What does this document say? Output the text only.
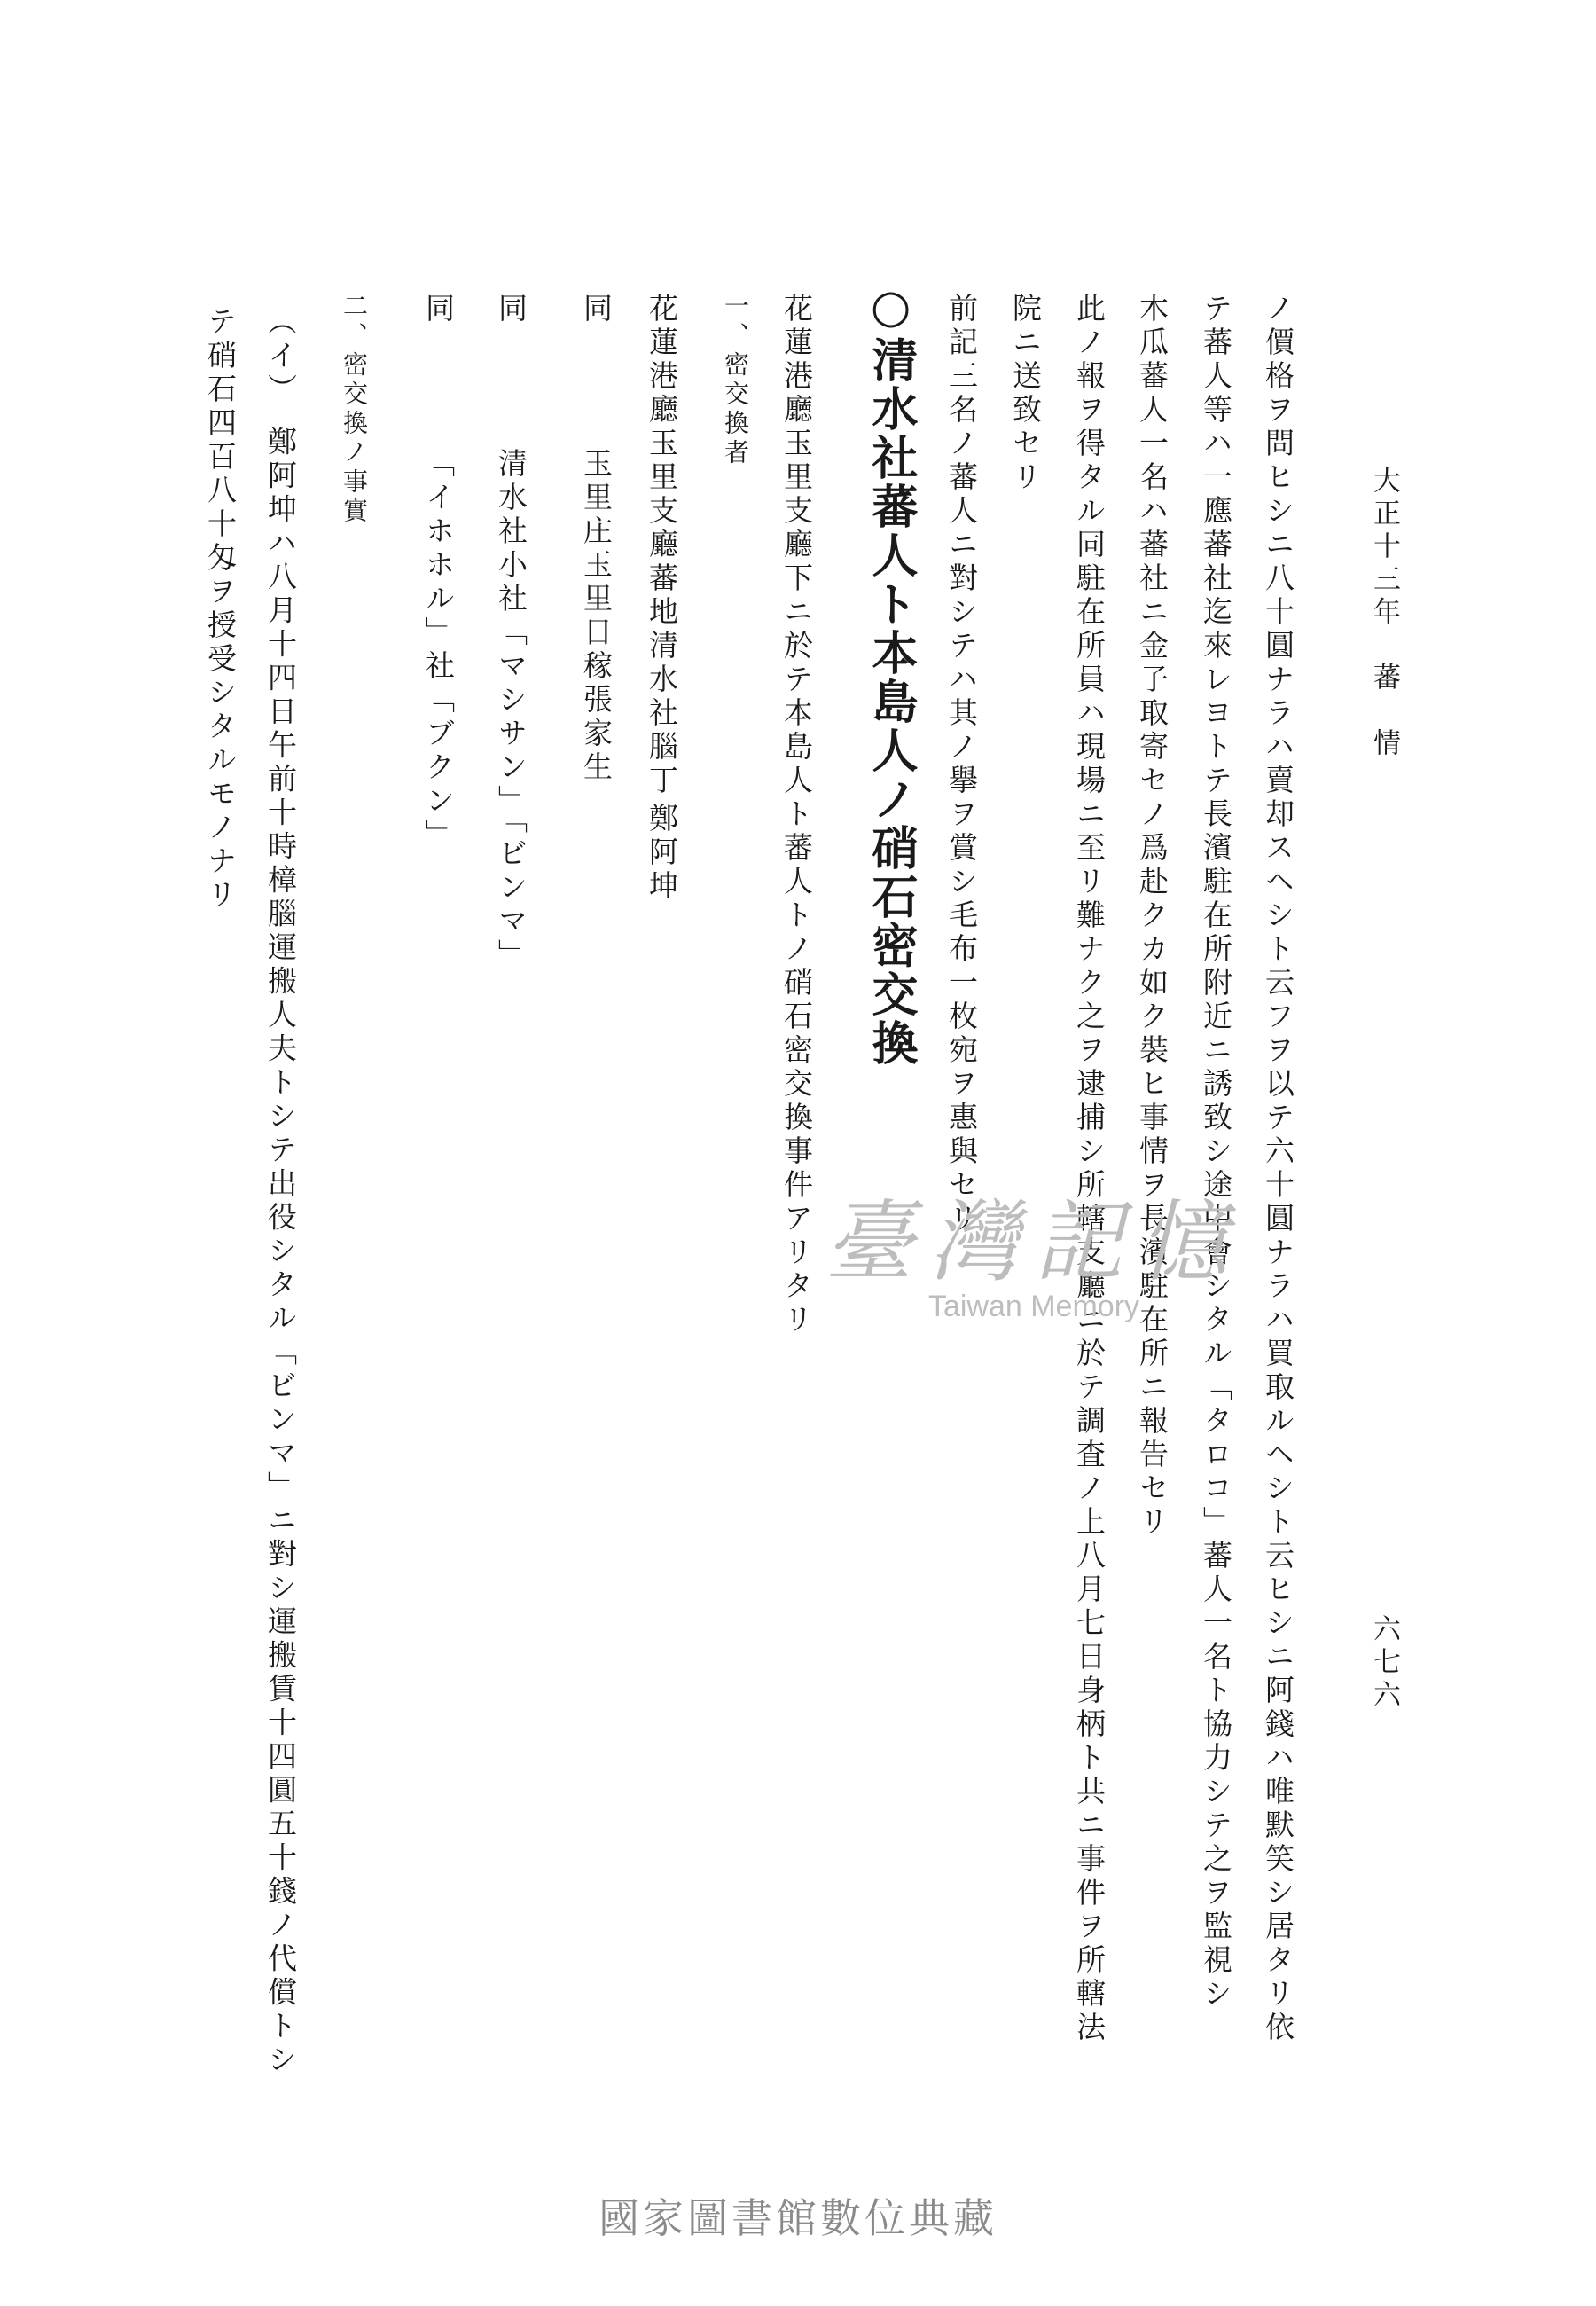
大正十三年　蕃　情
六七六
ノ價格ヲ問ヒシニ八十圓ナラハ賣却スヘシト云フヲ以テ六十圓ナラハ買取ルヘシト云ヒシニ阿錢ハ唯默笑シ居タリ依
テ蕃人等ハ一應蕃社迄來レヨトテ長濱駐在所附近ニ誘致シ途中會シタル「タロコ」蕃人一名ト協力シテ之ヲ監視シ
木瓜蕃人一名ハ蕃社ニ金子取寄セノ爲赴クカ如ク裝ヒ事情ヲ長濱駐在所ニ報告セリ
此ノ報ヲ得タル同駐在所員ハ現場ニ至リ難ナク之ヲ逮捕シ所轄支廳ニ於テ調査ノ上八月七日身柄ト共ニ事件ヲ所轄法
院ニ送致セリ
前記三名ノ蕃人ニ對シテハ其ノ擧ヲ賞シ毛布一枚宛ヲ惠與セリ
○清水社蕃人ト本島人ノ硝石密交換
花蓮港廳玉里支廳下ニ於テ本島人ト蕃人トノ硝石密交換事件アリタリ
一、密交換者
花蓮港廳玉里支廳蕃地清水社腦丁
鄭阿坤
同
玉里庄玉里日稼張家生
同
清水社小社「マシサン」「ビンマ」
同
「イホホル」社「ブクン」
二、密交換ノ事實
（イ）　鄭阿坤ハ八月十四日午前十時樟腦運搬人夫トシテ出役シタル「ビンマ」ニ對シ運搬賃十四圓五十錢ノ代償トシ
テ硝石四百八十匁ヲ授受シタルモノナリ
臺灣記憶
Taiwan Memory
國家圖書館數位典藏
